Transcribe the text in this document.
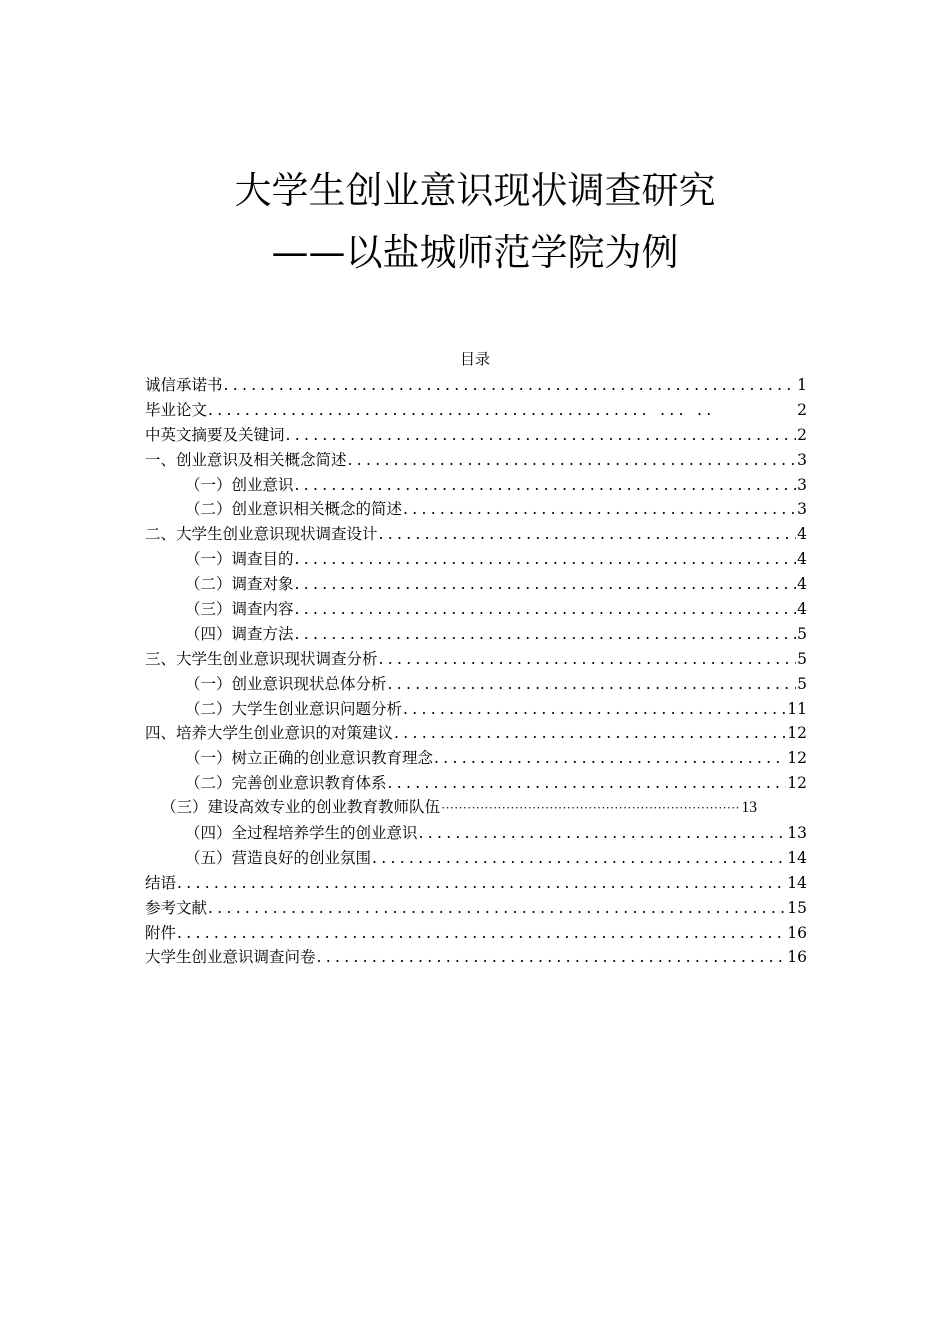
大学生创业意识现状调查研究
——以盐城师范学院为例
目录
诚信承诺书 .....	1
毕业论文 .....	2
中英文摘要及关键词 .....	2
一、创业意识及相关概念简述 .....	3
（一）创业意识 .....	3
（二）创业意识相关概念的简述 .....	3
二、大学生创业意识现状调查设计 .....	4
（一）调查目的 .....	4
（二）调查对象 .....	4
（三）调查内容 .....	4
（四）调查方法 .....	5
三、大学生创业意识现状调查分析 .....	5
（一）创业意识现状总体分析 .....	5
（二）大学生创业意识问题分析 .....	11
四、培养大学生创业意识的对策建议 .....	12
（一）树立正确的创业意识教育理念 .....	12
（二）完善创业意识教育体系 .....	12
（三）建设高效专业的创业教育教师队伍 ·····	13
（四）全过程培养学生的创业意识 .....	13
（五）营造良好的创业氛围 .....	14
结语 .....	14
参考文献 .....	15
附件 .....	16
大学生创业意识调查问卷 .....	16
